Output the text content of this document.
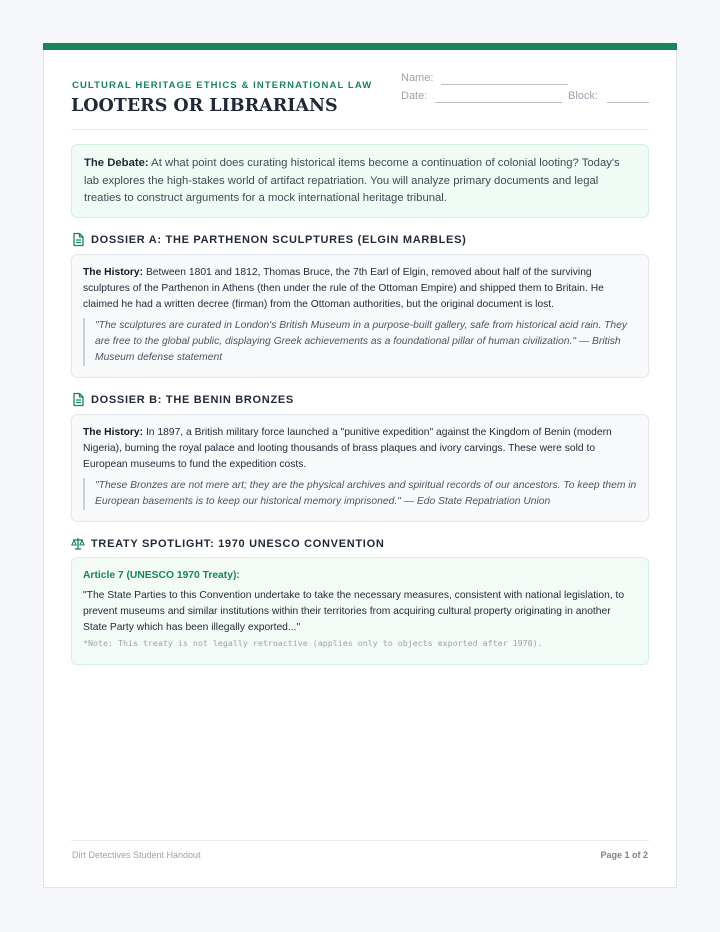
CULTURAL HERITAGE ETHICS & INTERNATIONAL LAW
LOOTERS OR LIBRARIANS
Name:
Date:	Block:
The Debate: At what point does curating historical items become a continuation of colonial looting? Today's lab explores the high-stakes world of artifact repatriation. You will analyze primary documents and legal treaties to construct arguments for a mock international heritage tribunal.
DOSSIER A: THE PARTHENON SCULPTURES (ELGIN MARBLES)

The History: Between 1801 and 1812, Thomas Bruce, the 7th Earl of Elgin, removed about half of the surviving sculptures of the Parthenon in Athens (then under the rule of the Ottoman Empire) and shipped them to Britain. He claimed he had a written decree (firman) from the Ottoman authorities, but the original document is lost.

"The sculptures are curated in London's British Museum in a purpose-built gallery, safe from historical acid rain. They are free to the global public, displaying Greek achievements as a foundational pillar of human civilization." — British Museum defense statement
DOSSIER B: THE BENIN BRONZES

The History: In 1897, a British military force launched a "punitive expedition" against the Kingdom of Benin (modern Nigeria), burning the royal palace and looting thousands of brass plaques and ivory carvings. These were sold to European museums to fund the expedition costs.

"These Bronzes are not mere art; they are the physical archives and spiritual records of our ancestors. To keep them in European basements is to keep our historical memory imprisoned." — Edo State Repatriation Union
TREATY SPOTLIGHT: 1970 UNESCO CONVENTION
Article 7 (UNESCO 1970 Treaty):
"The State Parties to this Convention undertake to take the necessary measures, consistent with national legislation, to prevent museums and similar institutions within their territories from acquiring cultural property originating in another State Party which has been illegally exported..."
*Note: This treaty is not legally retroactive (applies only to objects exported after 1970).
Dirt Detectives Student Handout	Page 1 of 2
